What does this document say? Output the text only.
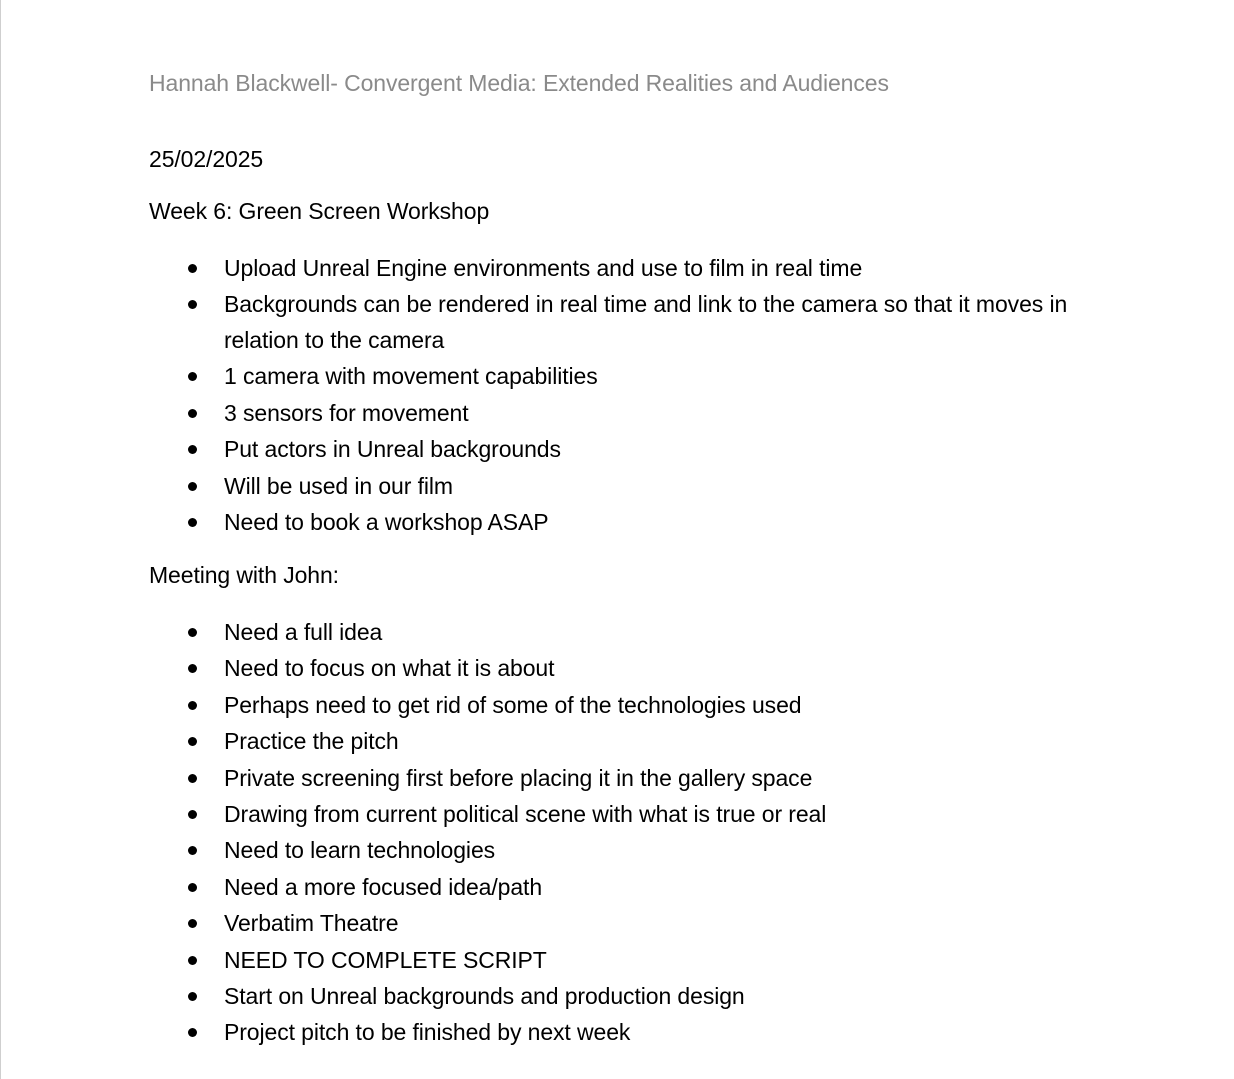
Hannah Blackwell- Convergent Media: Extended Realities and Audiences
25/02/2025
Week 6: Green Screen Workshop
Upload Unreal Engine environments and use to film in real time
Backgrounds can be rendered in real time and link to the camera so that it moves in relation to the camera
1 camera with movement capabilities
3 sensors for movement
Put actors in Unreal backgrounds
Will be used in our film
Need to book a workshop ASAP
Meeting with John:
Need a full idea
Need to focus on what it is about
Perhaps need to get rid of some of the technologies used
Practice the pitch
Private screening first before placing it in the gallery space
Drawing from current political scene with what is true or real
Need to learn technologies
Need a more focused idea/path
Verbatim Theatre
NEED TO COMPLETE SCRIPT
Start on Unreal backgrounds and production design
Project pitch to be finished by next week
